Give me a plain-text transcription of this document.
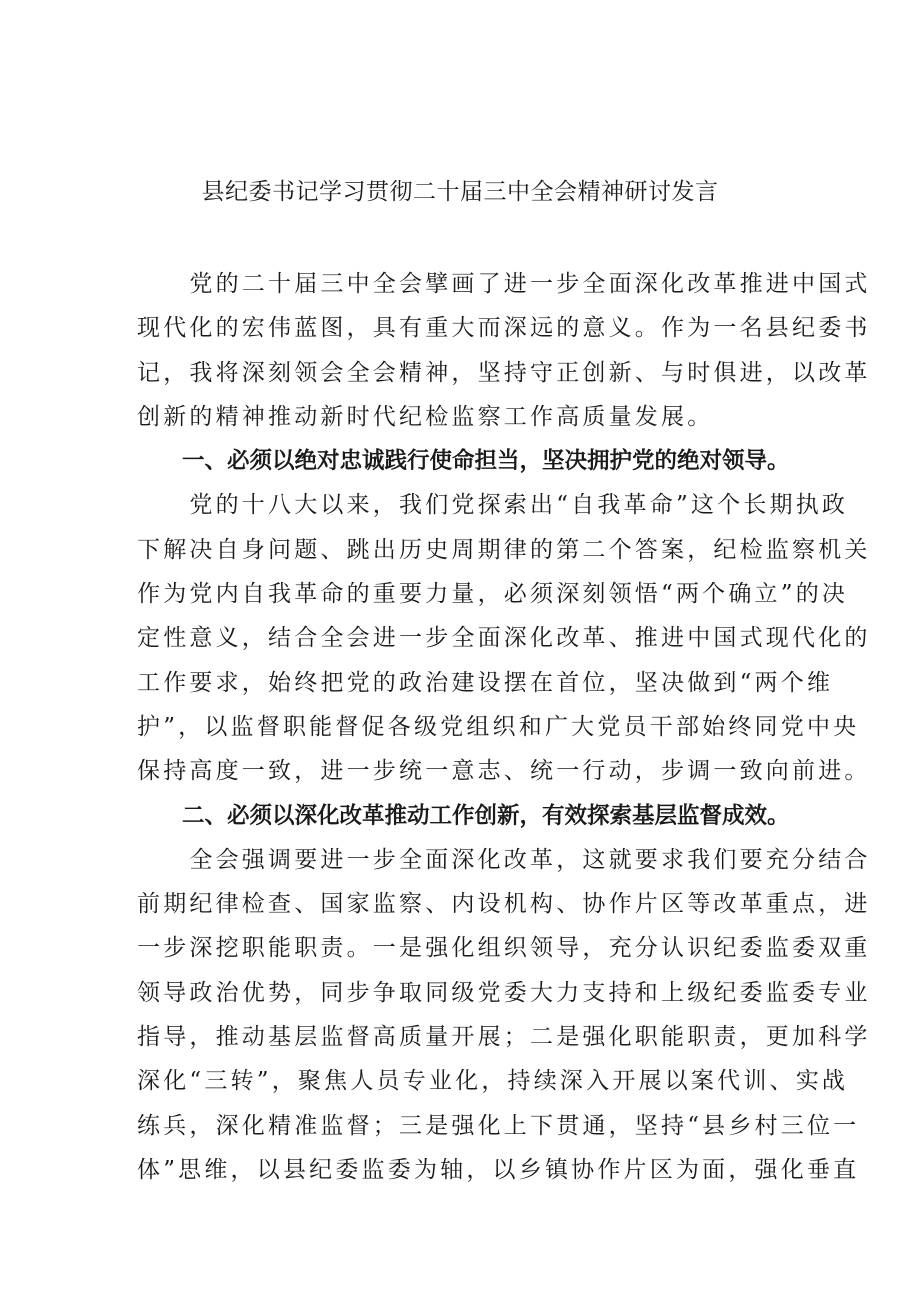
县纪委书记学习贯彻二十届三中全会精神研讨发言
　　党的二十届三中全会擘画了进一步全面深化改革推进中国式
现代化的宏伟蓝图，具有重大而深远的意义。作为一名县纪委书
记，我将深刻领会全会精神，坚持守正创新、与时俱进，以改革
创新的精神推动新时代纪检监察工作高质量发展。
　　一、必须以绝对忠诚践行使命担当，坚决拥护党的绝对领导。
　　党的十八大以来，我们党探索出“自我革命”这个长期执政
下解决自身问题、跳出历史周期律的第二个答案，纪检监察机关
作为党内自我革命的重要力量，必须深刻领悟“两个确立”的决
定性意义，结合全会进一步全面深化改革、推进中国式现代化的
工作要求，始终把党的政治建设摆在首位，坚决做到“两个维
护”，以监督职能督促各级党组织和广大党员干部始终同党中央
保持高度一致，进一步统一意志、统一行动，步调一致向前进。
　　二、必须以深化改革推动工作创新，有效探索基层监督成效。
　　全会强调要进一步全面深化改革，这就要求我们要充分结合
前期纪律检查、国家监察、内设机构、协作片区等改革重点，进
一步深挖职能职责。一是强化组织领导，充分认识纪委监委双重
领导政治优势，同步争取同级党委大力支持和上级纪委监委专业
指导，推动基层监督高质量开展；二是强化职能职责，更加科学
深化“三转”，聚焦人员专业化，持续深入开展以案代训、实战
练兵，深化精准监督；三是强化上下贯通，坚持“县乡村三位一
体”思维，以县纪委监委为轴，以乡镇协作片区为面，强化垂直
